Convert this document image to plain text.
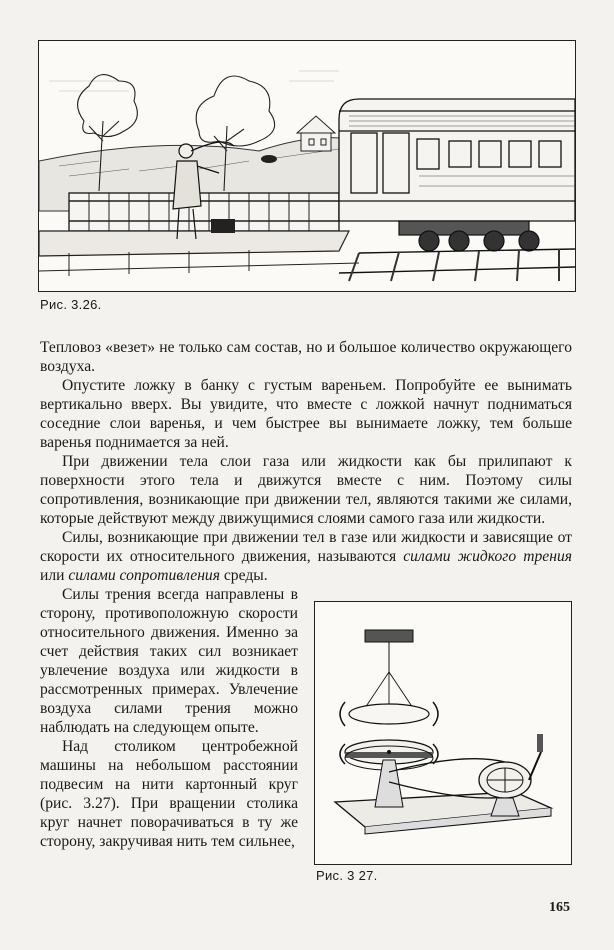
Рис. 3.26.

Тепловоз «везет» не только сам состав, но и большое количество окружающего воздуха.

Опустите ложку в банку с густым вареньем. Попробуйте ее вынимать вертикально вверх. Вы увидите, что вместе с ложкой начнут подниматься соседние слои варенья, и чем быстрее вы вынимаете ложку, тем больше варенья поднимается за ней.

При движении тела слои газа или жидкости как бы прилипают к поверхности этого тела и движутся вместе с ним. Поэтому силы сопротивления, возникающие при движении тел, являются такими же силами, которые действуют между движущимися слоями самого газа или жидкости.

Силы, возникающие при движении тел в газе или жидкости и зависящие от скорости их относительного движения, называются силами жидкого трения или силами сопротивления среды.

Силы трения всегда направлены в сторону, противоположную скорости относительного движения. Именно за счет действия таких сил возникает увлечение воздуха или жидкости в рассмотренных примерах. Увлечение воздуха силами трения можно наблюдать на следующем опыте.

Над столиком центробежной машины на небольшом расстоянии подвесим на нити картонный круг (рис. 3.27). При вращении столика круг начнет поворачиваться в ту же сторону, закручивая нить тем сильнее,

Рис. 3 27.
165
